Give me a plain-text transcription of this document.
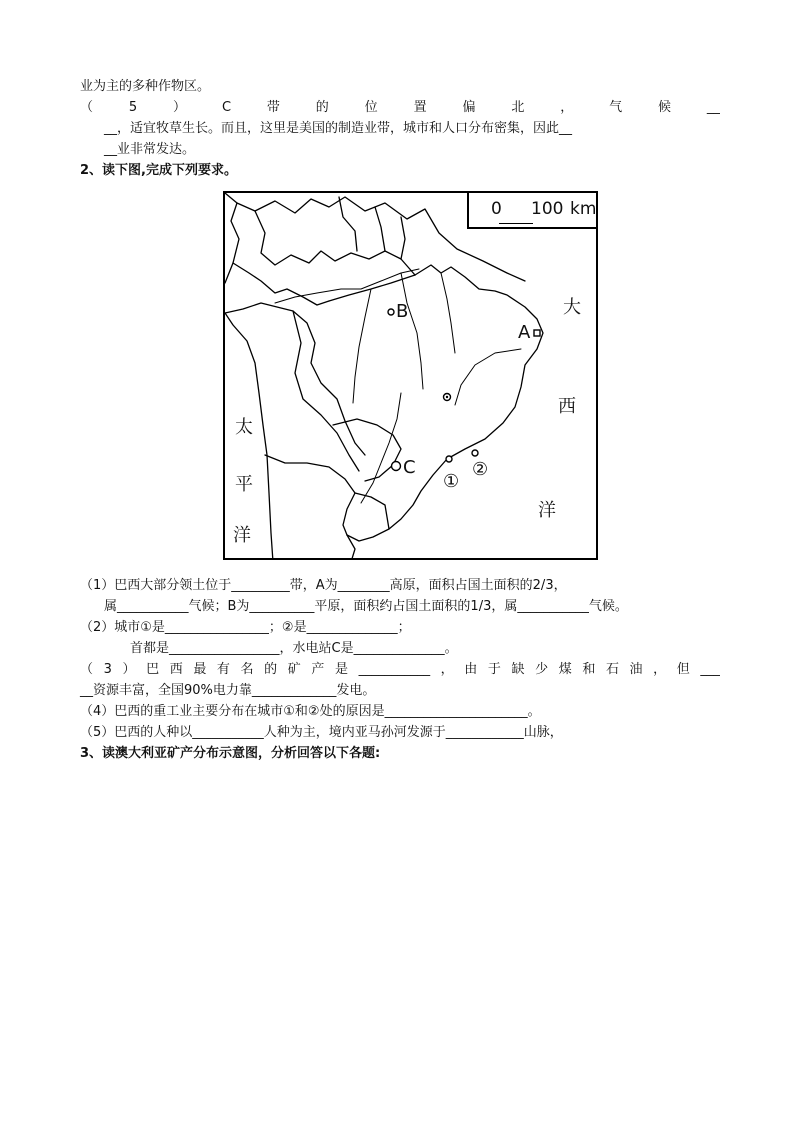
业为主的多种作物区。
（	5	）	C	带	的	位	置	偏	北	，	气	候	__
__，适宜牧草生长。而且，这里是美国的制造业带，城市和人口分布密集，因此__
__业非常发达。
2、读下图,完成下列要求。
0 100 km
B
A
C
①
②
大
西
洋
太
平
洋
（1）巴西大部分领土位于_________带，A为________高原，面积占国土面积的2/3，
属___________气候；B为__________平原，面积约占国土面积的1/3，属___________气候。
（2）城市①是________________；②是______________；
首都是_________________，水电站C是______________。
（ 3 ） 巴 西 最 有 名 的 矿 产 是 ___________ ， 由 于 缺 少 煤 和 石 油 ， 但 ___
__资源丰富，全国90%电力靠_____________发电。
（4）巴西的重工业主要分布在城市①和②处的原因是______________________。
（5）巴西的人种以___________人种为主，境内亚马孙河发源于____________山脉，
3、读澳大利亚矿产分布示意图，分析回答以下各题:
